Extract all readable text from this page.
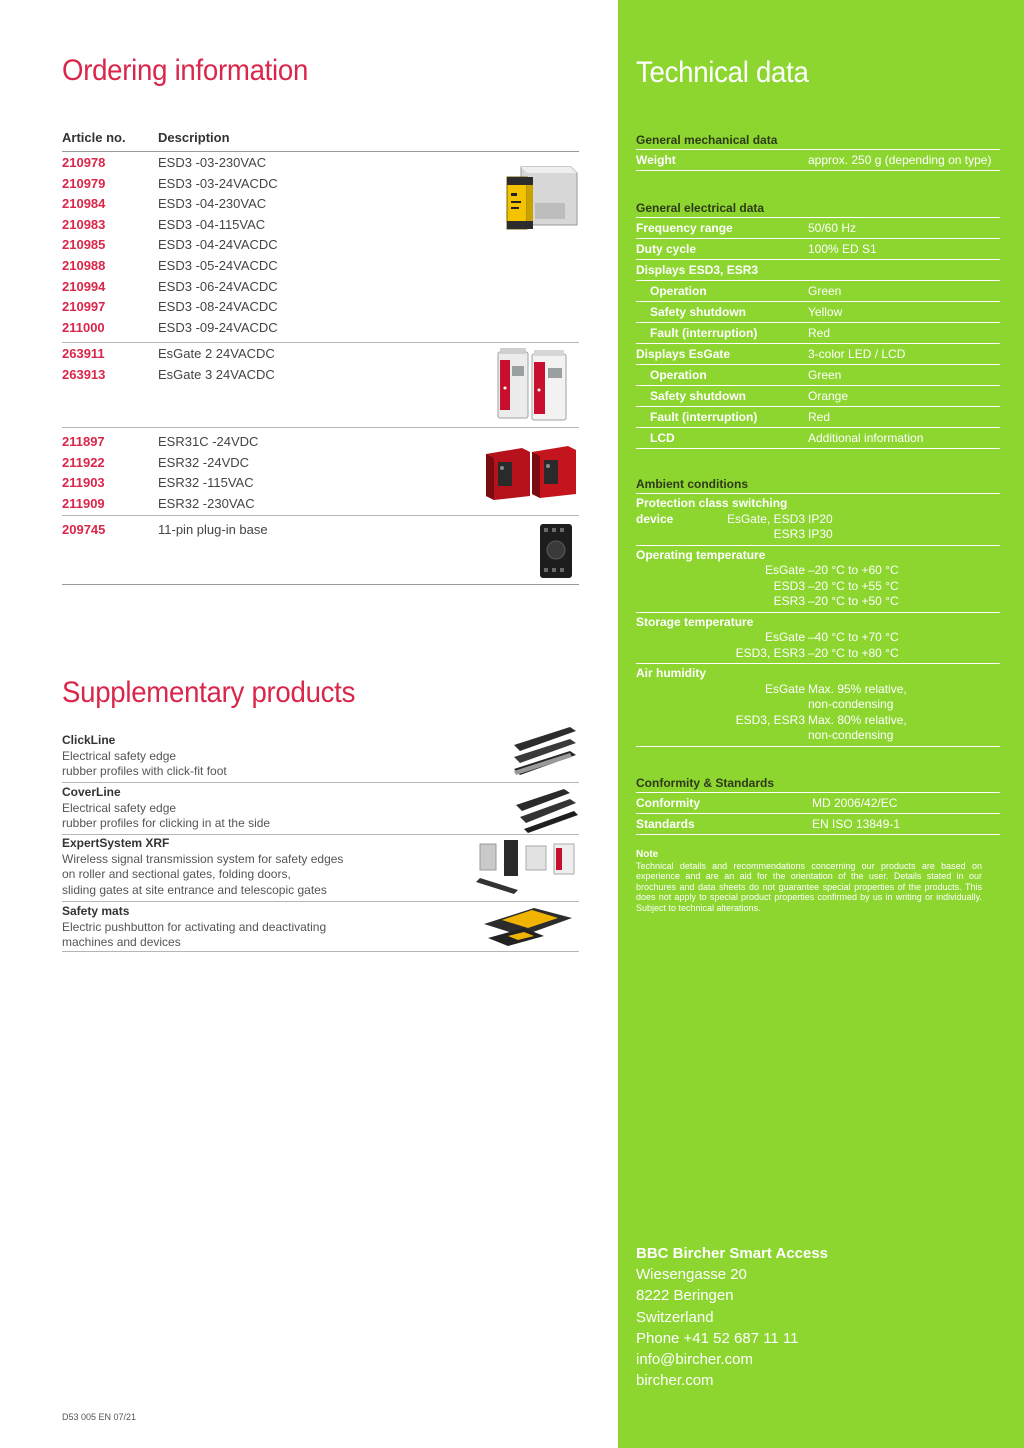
Ordering information
Article no. Description
210978	ESD3 -03-230VAC
210979	ESD3 -03-24VACDC
210984	ESD3 -04-230VAC
210983	ESD3 -04-115VAC
210985	ESD3 -04-24VACDC
210988	ESD3 -05-24VACDC
210994	ESD3 -06-24VACDC
210997	ESD3 -08-24VACDC
211000	ESD3 -09-24VACDC
263911	EsGate 2 24VACDC
263913	EsGate 3 24VACDC
211897	ESR31C -24VDC
211922	ESR32 -24VDC
211903	ESR32 -115VAC
211909	ESR32 -230VAC
209745	11-pin plug-in base
Supplementary products
ClickLine
Electrical safety edge
rubber profiles with click-fit foot
CoverLine
Electrical safety edge
rubber profiles for clicking in at the side
ExpertSystem XRF
Wireless signal transmission system for safety edges
on roller and sectional gates, folding doors,
sliding gates at site entrance and telescopic gates
Safety mats
Electric pushbutton for activating and deactivating
machines and devices
D53 005 EN 07/21
Technical data
General mechanical data
Weight	approx. 250 g (depending on type)
General electrical data
Frequency range	50/60 Hz
Duty cycle	100% ED S1
Displays ESD3, ESR3
Operation	Green
Safety shutdown	Yellow
Fault (interruption)	Red
Displays EsGate	3-color LED / LCD
Operation	Green
Safety shutdown	Orange
Fault (interruption)	Red
LCD	Additional information
Ambient conditions
Protection class switching
device	EsGate, ESD3 IP20
ESR3 IP30
Operating temperature
EsGate –20 °C to +60 °C
ESD3 –20 °C to +55 °C
ESR3 –20 °C to +50 °C
Storage temperature
EsGate –40 °C to +70 °C
ESD3, ESR3 –20 °C to +80 °C
Air humidity
EsGate Max. 95% relative,
non-condensing
ESD3, ESR3 Max. 80% relative,
non-condensing
Conformity & Standards
Conformity	MD 2006/42/EC
Standards	EN ISO 13849-1
Note
Technical details and recommendations concerning our products are based on experience and are an aid for the orientation of the user. Details stated in our brochures and data sheets do not guarantee special properties of the products. This does not apply to special product properties confirmed by us in writing or individually. Subject to technical alterations.
BBC Bircher Smart Access
Wiesengasse 20
8222 Beringen
Switzerland
Phone +41 52 687 11 11
info@bircher.com
bircher.com
